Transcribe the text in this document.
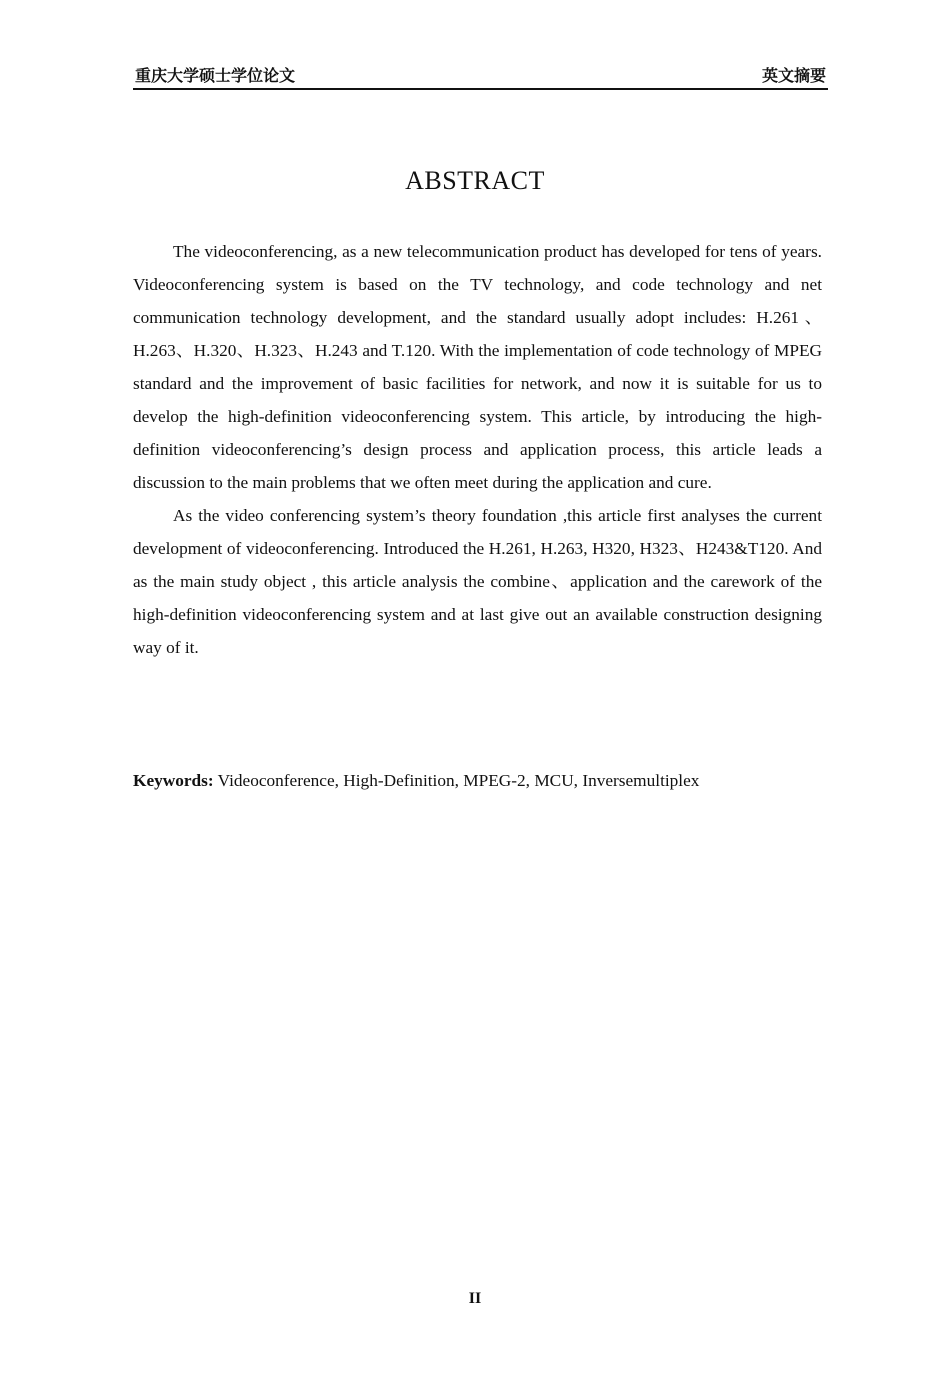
重庆大学硕士学位论文	英文摘要
ABSTRACT

The videoconferencing, as a new telecommunication product has developed for tens of years. Videoconferencing system is based on the TV technology, and code technology and net communication technology development, and the standard usually adopt includes: H.261、H.263、H.320、H.323、H.243 and T.120. With the implementation of code technology of MPEG standard and the improvement of basic facilities for network, and now it is suitable for us to develop the high-definition videoconferencing system. This article, by introducing the high-definition videoconferencing’s design process and application process, this article leads a discussion to the main problems that we often meet during the application and cure.

As the video conferencing system’s theory foundation ,this article first analyses the current development of videoconferencing. Introduced the H.261, H.263, H320, H323、H243&T120. And as the main study object , this article analysis the combine、application and the carework of the high-definition videoconferencing system and at last give out an available construction designing way of it.

Keywords: Videoconference, High-Definition, MPEG-2, MCU, Inversemultiplex
II
